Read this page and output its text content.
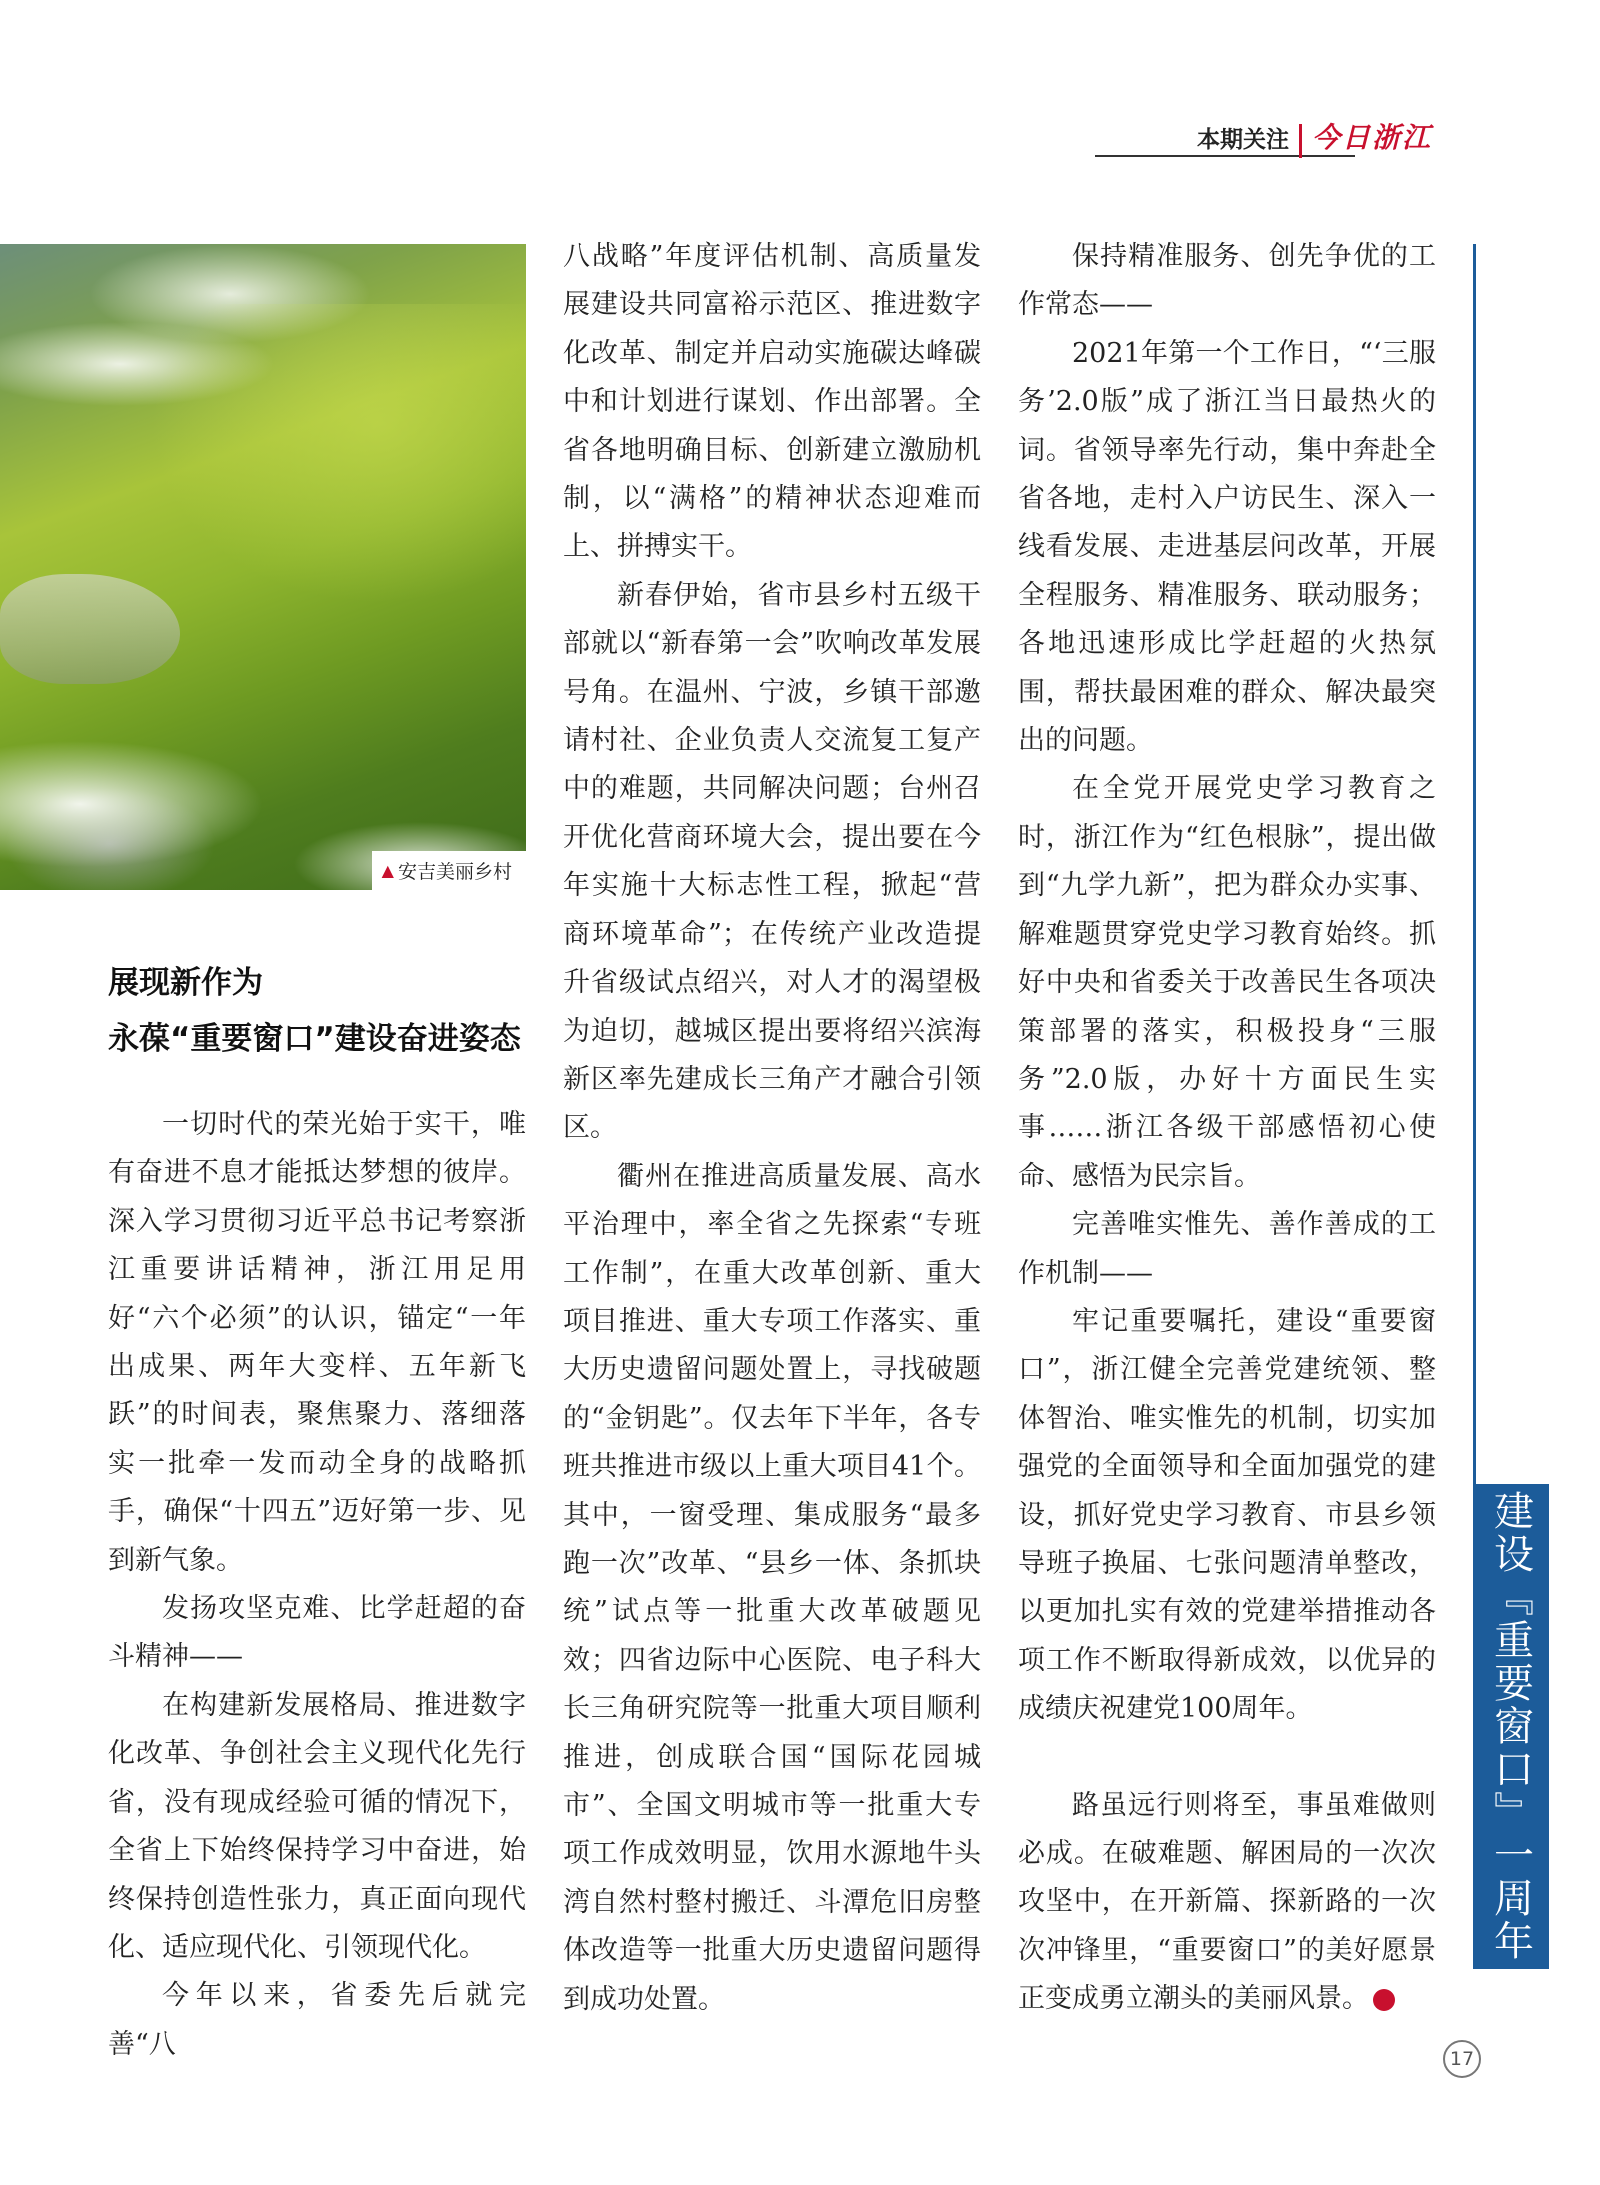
本期关注 今日浙江
▲ 安吉美丽乡村
展现新作为
永葆“重要窗口”建设奋进姿态

一切时代的荣光始于实干，唯有奋进不息才能抵达梦想的彼岸。深入学习贯彻习近平总书记考察浙江重要讲话精神，浙江用足用好“六个必须”的认识，锚定“一年出成果、两年大变样、五年新飞跃”的时间表，聚焦聚力、落细落实一批牵一发而动全身的战略抓手，确保“十四五”迈好第一步、见到新气象。

发扬攻坚克难、比学赶超的奋斗精神——

在构建新发展格局、推进数字化改革、争创社会主义现代化先行省，没有现成经验可循的情况下，全省上下始终保持学习中奋进，始终保持创造性张力，真正面向现代化、适应现代化、引领现代化。

今年以来，省委先后就完善“八

八战略”年度评估机制、高质量发展建设共同富裕示范区、推进数字化改革、制定并启动实施碳达峰碳中和计划进行谋划、作出部署。全省各地明确目标、创新建立激励机制，以“满格”的精神状态迎难而上、拼搏实干。

新春伊始，省市县乡村五级干部就以“新春第一会”吹响改革发展号角。在温州、宁波，乡镇干部邀请村社、企业负责人交流复工复产中的难题，共同解决问题；台州召开优化营商环境大会，提出要在今年实施十大标志性工程，掀起“营商环境革命”；在传统产业改造提升省级试点绍兴，对人才的渴望极为迫切，越城区提出要将绍兴滨海新区率先建成长三角产才融合引领区。

衢州在推进高质量发展、高水平治理中，率全省之先探索“专班工作制”，在重大改革创新、重大项目推进、重大专项工作落实、重大历史遗留问题处置上，寻找破题的“金钥匙”。仅去年下半年，各专班共推进市级以上重大项目41个。其中，一窗受理、集成服务“最多跑一次”改革、“县乡一体、条抓块统”试点等一批重大改革破题见效；四省边际中心医院、电子科大长三角研究院等一批重大项目顺利推进，创成联合国“国际花园城市”、全国文明城市等一批重大专项工作成效明显，饮用水源地牛头湾自然村整村搬迁、斗潭危旧房整体改造等一批重大历史遗留问题得到成功处置。

保持精准服务、创先争优的工作常态——

2021年第一个工作日，“‘三服务’2.0版”成了浙江当日最热火的词。省领导率先行动，集中奔赴全省各地，走村入户访民生、深入一线看发展、走进基层问改革，开展全程服务、精准服务、联动服务；各地迅速形成比学赶超的火热氛围，帮扶最困难的群众、解决最突出的问题。

在全党开展党史学习教育之时，浙江作为“红色根脉”，提出做到“九学九新”，把为群众办实事、解难题贯穿党史学习教育始终。抓好中央和省委关于改善民生各项决策部署的落实，积极投身“三服务”2.0版，办好十方面民生实事……浙江各级干部感悟初心使命、感悟为民宗旨。

完善唯实惟先、善作善成的工作机制——

牢记重要嘱托，建设“重要窗口”，浙江健全完善党建统领、整体智治、唯实惟先的机制，切实加强党的全面领导和全面加强党的建设，抓好党史学习教育、市县乡领导班子换届、七张问题清单整改，以更加扎实有效的党建举措推动各项工作不断取得新成效，以优异的成绩庆祝建党100周年。

路虽远行则将至，事虽难做则必成。在破难题、解困局的一次次攻坚中，在开新篇、探新路的一次次冲锋里，“重要窗口”的美好愿景正变成勇立潮头的美丽风景。

建设『重要窗口』一周年
17
